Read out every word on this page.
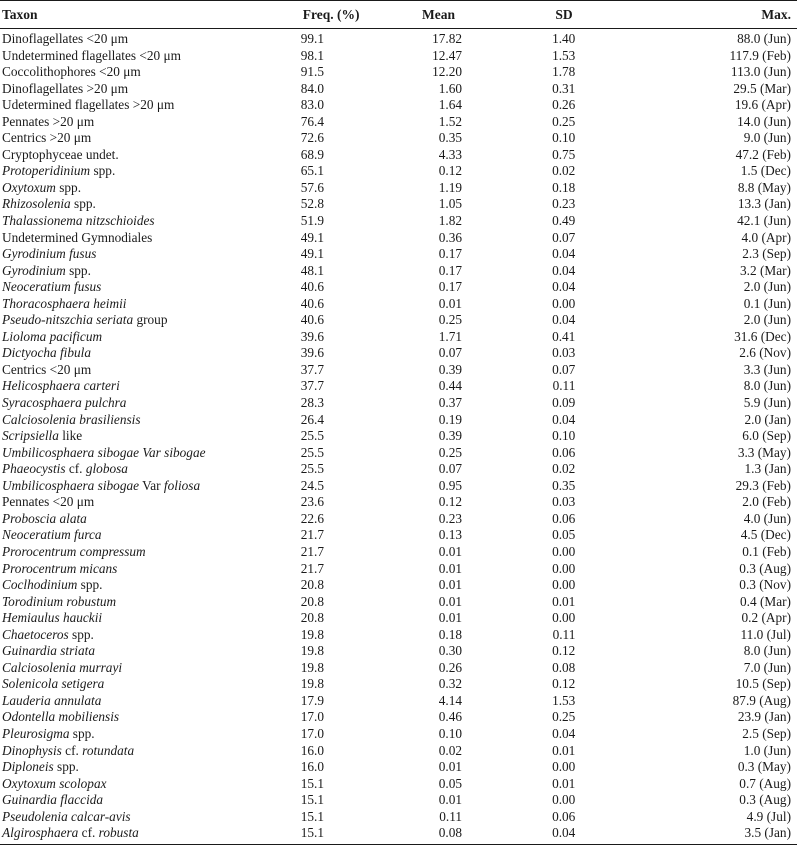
Taxon	Freq. (%)	Mean	SD	Max.
Dinoflagellates <20 μm	99.1	17.82	1.40	88.0 (Jun)
Undetermined flagellates <20 μm	98.1	12.47	1.53	117.9 (Feb)
Coccolithophores <20 μm	91.5	12.20	1.78	113.0 (Jun)
Dinoflagellates >20 μm	84.0	1.60	0.31	29.5 (Mar)
Udetermined flagellates >20 μm	83.0	1.64	0.26	19.6 (Apr)
Pennates >20 μm	76.4	1.52	0.25	14.0 (Jun)
Centrics >20 μm	72.6	0.35	0.10	9.0 (Jun)
Cryptophyceae undet.	68.9	4.33	0.75	47.2 (Feb)
Protoperidinium spp.	65.1	0.12	0.02	1.5 (Dec)
Oxytoxum spp.	57.6	1.19	0.18	8.8 (May)
Rhizosolenia spp.	52.8	1.05	0.23	13.3 (Jan)
Thalassionema nitzschioides	51.9	1.82	0.49	42.1 (Jun)
Undetermined Gymnodiales	49.1	0.36	0.07	4.0 (Apr)
Gyrodinium fusus	49.1	0.17	0.04	2.3 (Sep)
Gyrodinium spp.	48.1	0.17	0.04	3.2 (Mar)
Neoceratium fusus	40.6	0.17	0.04	2.0 (Jun)
Thoracosphaera heimii	40.6	0.01	0.00	0.1 (Jun)
Pseudo-nitszchia seriata group	40.6	0.25	0.04	2.0 (Jun)
Lioloma pacificum	39.6	1.71	0.41	31.6 (Dec)
Dictyocha fibula	39.6	0.07	0.03	2.6 (Nov)
Centrics <20 μm	37.7	0.39	0.07	3.3 (Jun)
Helicosphaera carteri	37.7	0.44	0.11	8.0 (Jun)
Syracosphaera pulchra	28.3	0.37	0.09	5.9 (Jun)
Calciosolenia brasiliensis	26.4	0.19	0.04	2.0 (Jan)
Scripsiella like	25.5	0.39	0.10	6.0 (Sep)
Umbilicosphaera sibogae Var sibogae	25.5	0.25	0.06	3.3 (May)
Phaeocystis cf. globosa	25.5	0.07	0.02	1.3 (Jan)
Umbilicosphaera sibogae Var foliosa	24.5	0.95	0.35	29.3 (Feb)
Pennates <20 μm	23.6	0.12	0.03	2.0 (Feb)
Proboscia alata	22.6	0.23	0.06	4.0 (Jun)
Neoceratium furca	21.7	0.13	0.05	4.5 (Dec)
Prorocentrum compressum	21.7	0.01	0.00	0.1 (Feb)
Prorocentrum micans	21.7	0.01	0.00	0.3 (Aug)
Coclhodinium spp.	20.8	0.01	0.00	0.3 (Nov)
Torodinium robustum	20.8	0.01	0.01	0.4 (Mar)
Hemiaulus hauckii	20.8	0.01	0.00	0.2 (Apr)
Chaetoceros spp.	19.8	0.18	0.11	11.0 (Jul)
Guinardia striata	19.8	0.30	0.12	8.0 (Jun)
Calciosolenia murrayi	19.8	0.26	0.08	7.0 (Jun)
Solenicola setigera	19.8	0.32	0.12	10.5 (Sep)
Lauderia annulata	17.9	4.14	1.53	87.9 (Aug)
Odontella mobiliensis	17.0	0.46	0.25	23.9 (Jan)
Pleurosigma spp.	17.0	0.10	0.04	2.5 (Sep)
Dinophysis cf. rotundata	16.0	0.02	0.01	1.0 (Jun)
Diploneis spp.	16.0	0.01	0.00	0.3 (May)
Oxytoxum scolopax	15.1	0.05	0.01	0.7 (Aug)
Guinardia flaccida	15.1	0.01	0.00	0.3 (Aug)
Pseudolenia calcar-avis	15.1	0.11	0.06	4.9 (Jul)
Algirosphaera cf. robusta	15.1	0.08	0.04	3.5 (Jan)
